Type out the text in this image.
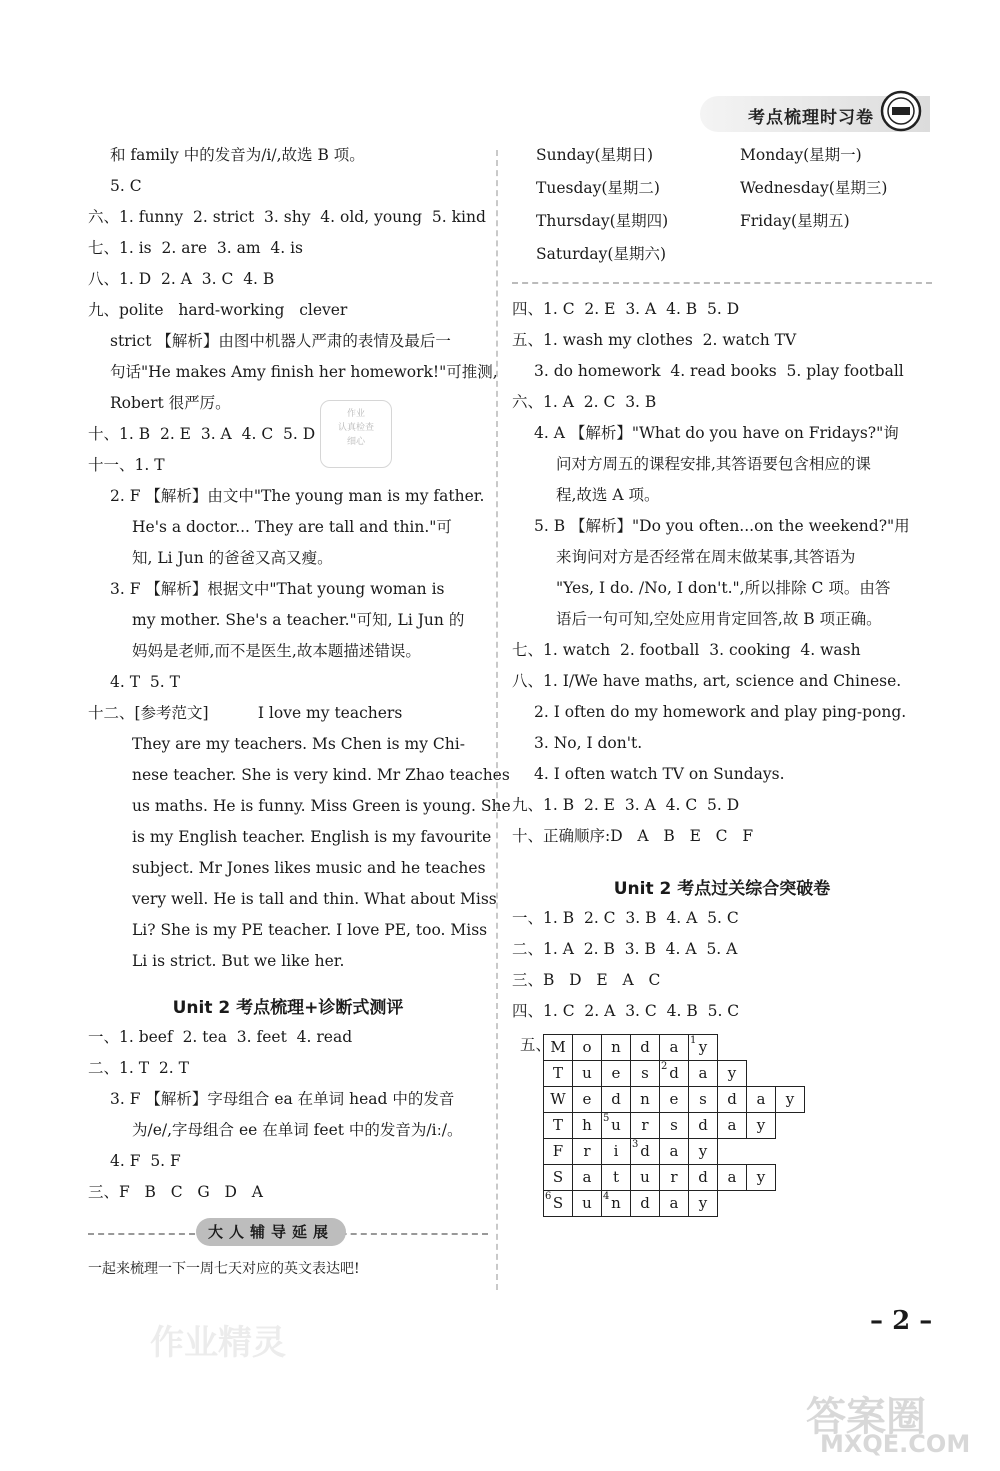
考点梳理时习卷
和 family 中的发音为/i/,故选 B 项。
5. C
六、1. funny  2. strict  3. shy  4. old, young  5. kind
七、1. is  2. are  3. am  4. is
八、1. D  2. A  3. C  4. B
九、polite   hard-working   clever
strict 【解析】由图中机器人严肃的表情及最后一
句话"He makes Amy finish her homework!"可推测,
Robert 很严厉。
十、1. B  2. E  3. A  4. C  5. D
十一、1. T
2. F 【解析】由文中"The young man is my father.
He's a doctor... They are tall and thin."可
知, Li Jun 的爸爸又高又瘦。
3. F 【解析】根据文中"That young woman is
my mother. She's a teacher."可知, Li Jun 的
妈妈是老师,而不是医生,故本题描述错误。
4. T  5. T
十二、[参考范文]          I love my teachers
They are my teachers. Ms Chen is my Chi-
nese teacher. She is very kind. Mr Zhao teaches
us maths. He is funny. Miss Green is young. She
is my English teacher. English is my favourite
subject. Mr Jones likes music and he teaches
very well. He is tall and thin. What about Miss
Li? She is my PE teacher. I love PE, too. Miss
Li is strict. But we like her.
Unit 2 考点梳理+诊断式测评
一、1. beef  2. tea  3. feet  4. read
二、1. T  2. T
3. F 【解析】字母组合 ea 在单词 head 中的发音
为/e/,字母组合 ee 在单词 feet 中的发音为/iː/。
4. F  5. F
三、F   B   C   G   D   A
大人辅导延展
一起来梳理一下一周七天对应的英文表达吧!
Sunday(星期日)	Monday(星期一)
Tuesday(星期二)	Wednesday(星期三)
Thursday(星期四)	Friday(星期五)
Saturday(星期六)
四、1. C  2. E  3. A  4. B  5. D
五、1. wash my clothes  2. watch TV
3. do homework  4. read books  5. play football
六、1. A  2. C  3. B
4. A 【解析】"What do you have on Fridays?"询
问对方周五的课程安排,其答语要包含相应的课
程,故选 A 项。
5. B 【解析】"Do you often...on the weekend?"用
来询问对方是否经常在周末做某事,其答语为
"Yes, I do. /No, I don't.",所以排除 C 项。由答
语后一句可知,空处应用肯定回答,故 B 项正确。
七、1. watch  2. football  3. cooking  4. wash
八、1. I/We have maths, art, science and Chinese.
2. I often do my homework and play ping-pong.
3. No, I don't.
4. I often watch TV on Sundays.
九、1. B  2. E  3. A  4. C  5. D
十、正确顺序:D   A   B   E   C   F
Unit 2 考点过关综合突破卷
一、1. B  2. C  3. B  4. A  5. C
二、1. A  2. B  3. B  4. A  5. A
三、B   D   E   A   C
四、1. C  2. A  3. C  4. B  5. C
五、 M	o	n	d	a	1 y
T	u	e	s	2 d	a	y
W	e	d	n	e	s	d	a	y
T	h	5 u	r	s	d	a	y
F	r	i	3 d	a	y
S	a	t	u	r	d	a	y
6 S	u	4 n	d	a	y
作业
认真检查
细心
作业精灵
– 2 –
答案圈
MXQE.COM
